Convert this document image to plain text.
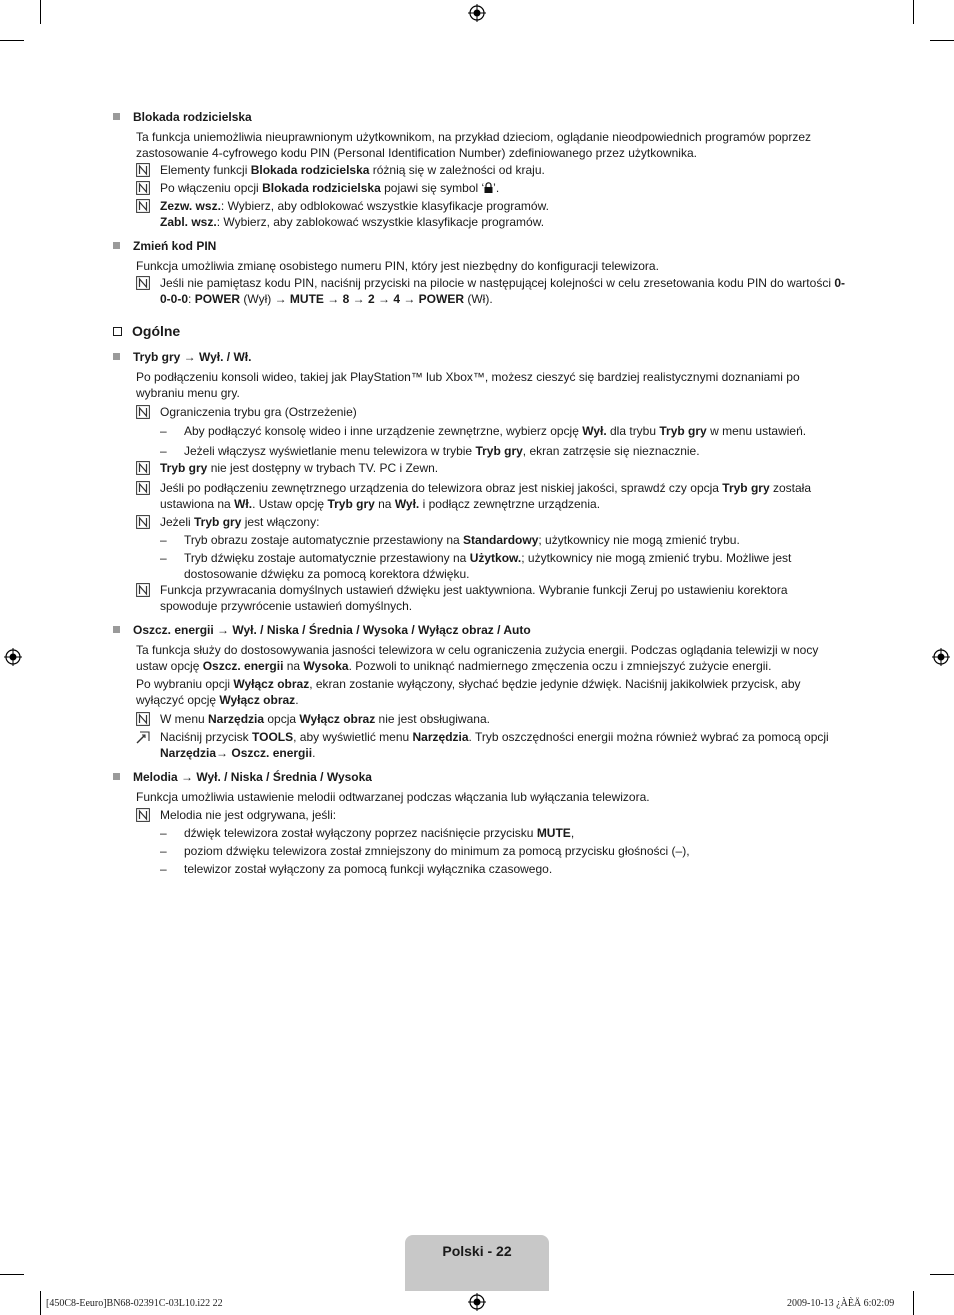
Blokada rodzicielska
Ta funkcja uniemożliwia nieuprawnionym użytkownikom, na przykład dzieciom, oglądanie nieodpowiednich programów poprzez zastosowanie 4-cyfrowego kodu PIN (Personal Identification Number) zdefiniowanego przez użytkownika.
Elementy funkcji Blokada rodzicielska różnią się w zależności od kraju.
Po włączeniu opcji Blokada rodzicielska pojawi się symbol ‘ ’.
Zezw. wsz.: Wybierz, aby odblokować wszystkie klasyfikacje programów.
Zabl. wsz.: Wybierz, aby zablokować wszystkie klasyfikacje programów.
Zmień kod PIN
Funkcja umożliwia zmianę osobistego numeru PIN, który jest niezbędny do konfiguracji telewizora.
Jeśli nie pamiętasz kodu PIN, naciśnij przyciski na pilocie w następującej kolejności w celu zresetowania kodu PIN do wartości 0-0-0-0: POWER (Wył) → MUTE → 8 → 2 → 4 → POWER (Wł).
Ogólne
Tryb gry → Wył. / Wł.
Po podłączeniu konsoli wideo, takiej jak PlayStation™ lub Xbox™, możesz cieszyć się bardziej realistycznymi doznaniami po wybraniu menu gry.
Ograniczenia trybu gra (Ostrzeżenie)
– Aby podłączyć konsolę wideo i inne urządzenie zewnętrzne, wybierz opcję Wył. dla trybu Tryb gry w menu ustawień.
– Jeżeli włączysz wyświetlanie menu telewizora w trybie Tryb gry, ekran zatrzęsie się nieznacznie.
Tryb gry nie jest dostępny w trybach TV. PC i Zewn.
Jeśli po podłączeniu zewnętrznego urządzenia do telewizora obraz jest niskiej jakości, sprawdź czy opcja Tryb gry została ustawiona na Wł.. Ustaw opcję Tryb gry na Wył. i podłącz zewnętrzne urządzenia.
Jeżeli Tryb gry jest włączony:
– Tryb obrazu zostaje automatycznie przestawiony na Standardowy; użytkownicy nie mogą zmienić trybu.
– Tryb dźwięku zostaje automatycznie przestawiony na Użytkow.; użytkownicy nie mogą zmienić trybu. Możliwe jest dostosowanie dźwięku za pomocą korektora dźwięku.
Funkcja przywracania domyślnych ustawień dźwięku jest uaktywniona. Wybranie funkcji Zeruj po ustawieniu korektora spowoduje przywrócenie ustawień domyślnych.
Oszcz. energii → Wył. / Niska / Średnia / Wysoka / Wyłącz obraz / Auto
Ta funkcja służy do dostosowywania jasności telewizora w celu ograniczenia zużycia energii. Podczas oglądania telewizji w nocy ustaw opcję Oszcz. energii na Wysoka. Pozwoli to uniknąć nadmiernego zmęczenia oczu i zmniejszyć zużycie energii.
Po wybraniu opcji Wyłącz obraz, ekran zostanie wyłączony, słychać będzie jedynie dźwięk. Naciśnij jakikolwiek przycisk, aby wyłączyć opcję Wyłącz obraz.
W menu Narzędzia opcja Wyłącz obraz nie jest obsługiwana.
Naciśnij przycisk TOOLS, aby wyświetlić menu Narzędzia. Tryb oszczędności energii można również wybrać za pomocą opcji Narzędzia→ Oszcz. energii.
Melodia → Wył. / Niska / Średnia / Wysoka
Funkcja umożliwia ustawienie melodii odtwarzanej podczas włączania lub wyłączania telewizora.
Melodia nie jest odgrywana, jeśli:
– dźwięk telewizora został wyłączony poprzez naciśnięcie przycisku MUTE,
– poziom dźwięku telewizora został zmniejszony do minimum za pomocą przycisku głośności (–),
– telewizor został wyłączony za pomocą funkcji wyłącznika czasowego.
Polski - 22
[450C8-Eeuro]BN68-02391C-03L10.i22 22	2009-10-13 ¿ÀÈÄ 6:02:09
